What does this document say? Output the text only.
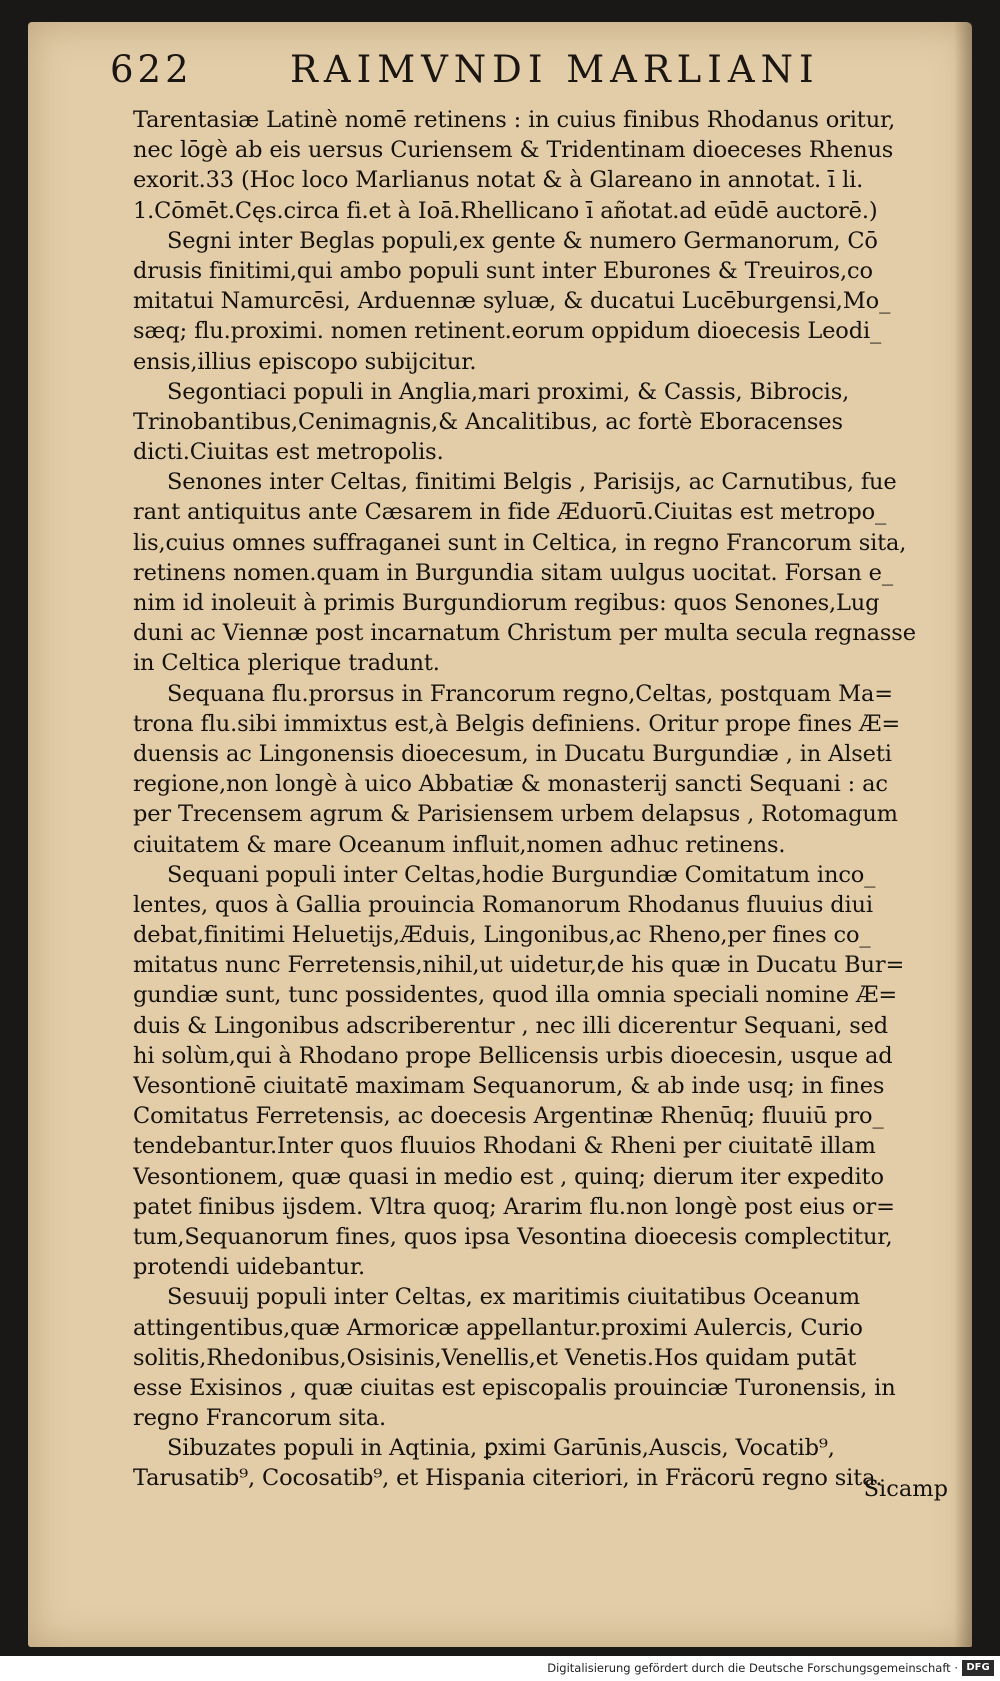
622	RAIMVNDI MARLIANI
Tarentasiæ Latinè nomē retinens : in cuius finibus Rhodanus oritur,
nec lōgè ab eis uersus Curiensem & Tridentinam dioeceses Rhenus
exorit.33 (Hoc loco Marlianus notat & à Glareano in annotat. ī li.
1.Cōmēt.Cęs.circa fi.et à Ioā.Rhellicano ī añotat.ad eūdē auctorē.)
Segni inter Beglas populi,ex gente & numero Germanorum, Cō
drusis finitimi,qui ambo populi sunt inter Eburones & Treuiros,co
mitatui Namurcēsi, Arduennæ syluæ, & ducatui Lucēburgensi,Mo_
sæq; flu.proximi. nomen retinent.eorum oppidum dioecesis Leodi_
ensis,illius episcopo subijcitur.
Segontiaci populi in Anglia,mari proximi, & Cassis, Bibrocis,
Trinobantibus,Cenimagnis,& Ancalitibus, ac fortè Eboracenses
dicti.Ciuitas est metropolis.
Senones inter Celtas, finitimi Belgis , Parisijs, ac Carnutibus, fue
rant antiquitus ante Cæsarem in fide Æduorū.Ciuitas est metropo_
lis,cuius omnes suffraganei sunt in Celtica, in regno Francorum sita,
retinens nomen.quam in Burgundia sitam uulgus uocitat. Forsan e_
nim id inoleuit à primis Burgundiorum regibus: quos Senones,Lug
duni ac Viennæ post incarnatum Christum per multa secula regnasse
in Celtica plerique tradunt.
Sequana flu.prorsus in Francorum regno,Celtas, postquam Ma=
trona flu.sibi immixtus est,à Belgis definiens. Oritur prope fines Æ=
duensis ac Lingonensis dioecesum, in Ducatu Burgundiæ , in Alseti
regione,non longè à uico Abbatiæ & monasterij sancti Sequani : ac
per Trecensem agrum & Parisiensem urbem delapsus , Rotomagum
ciuitatem & mare Oceanum influit,nomen adhuc retinens.
Sequani populi inter Celtas,hodie Burgundiæ Comitatum inco_
lentes, quos à Gallia prouincia Romanorum Rhodanus fluuius diui
debat,finitimi Heluetijs,Æduis, Lingonibus,ac Rheno,per fines co_
mitatus nunc Ferretensis,nihil,ut uidetur,de his quæ in Ducatu Bur=
gundiæ sunt, tunc possidentes, quod illa omnia speciali nomine Æ=
duis & Lingonibus adscriberentur , nec illi dicerentur Sequani, sed
hi solùm,qui à Rhodano prope Bellicensis urbis dioecesin, usque ad
Vesontionē ciuitatē maximam Sequanorum, & ab inde usq; in fines
Comitatus Ferretensis, ac doecesis Argentinæ Rhenūq; fluuiū pro_
tendebantur.Inter quos fluuios Rhodani & Rheni per ciuitatē illam
Vesontionem, quæ quasi in medio est , quinq; dierum iter expedito
patet finibus ijsdem. Vltra quoq; Ararim flu.non longè post eius or=
tum,Sequanorum fines, quos ipsa Vesontina dioecesis complectitur,
protendi uidebantur.
Sesuuij populi inter Celtas, ex maritimis ciuitatibus Oceanum
attingentibus,quæ Armoricæ appellantur.proximi Aulercis, Curio
solitis,Rhedonibus,Osisinis,Venellis,et Venetis.Hos quidam putāt
esse Exisinos , quæ ciuitas est episcopalis prouinciæ Turonensis, in
regno Francorum sita.
Sibuzates populi in Aqtinia, ꝑximi Garūnis,Auscis, Vocatib⁹,
Tarusatib⁹, Cocosatib⁹, et Hispania citeriori, in Fräcorū regno sita.
Sicamp
Digitalisierung gefördert durch die Deutsche Forschungsgemeinschaft · DFG
